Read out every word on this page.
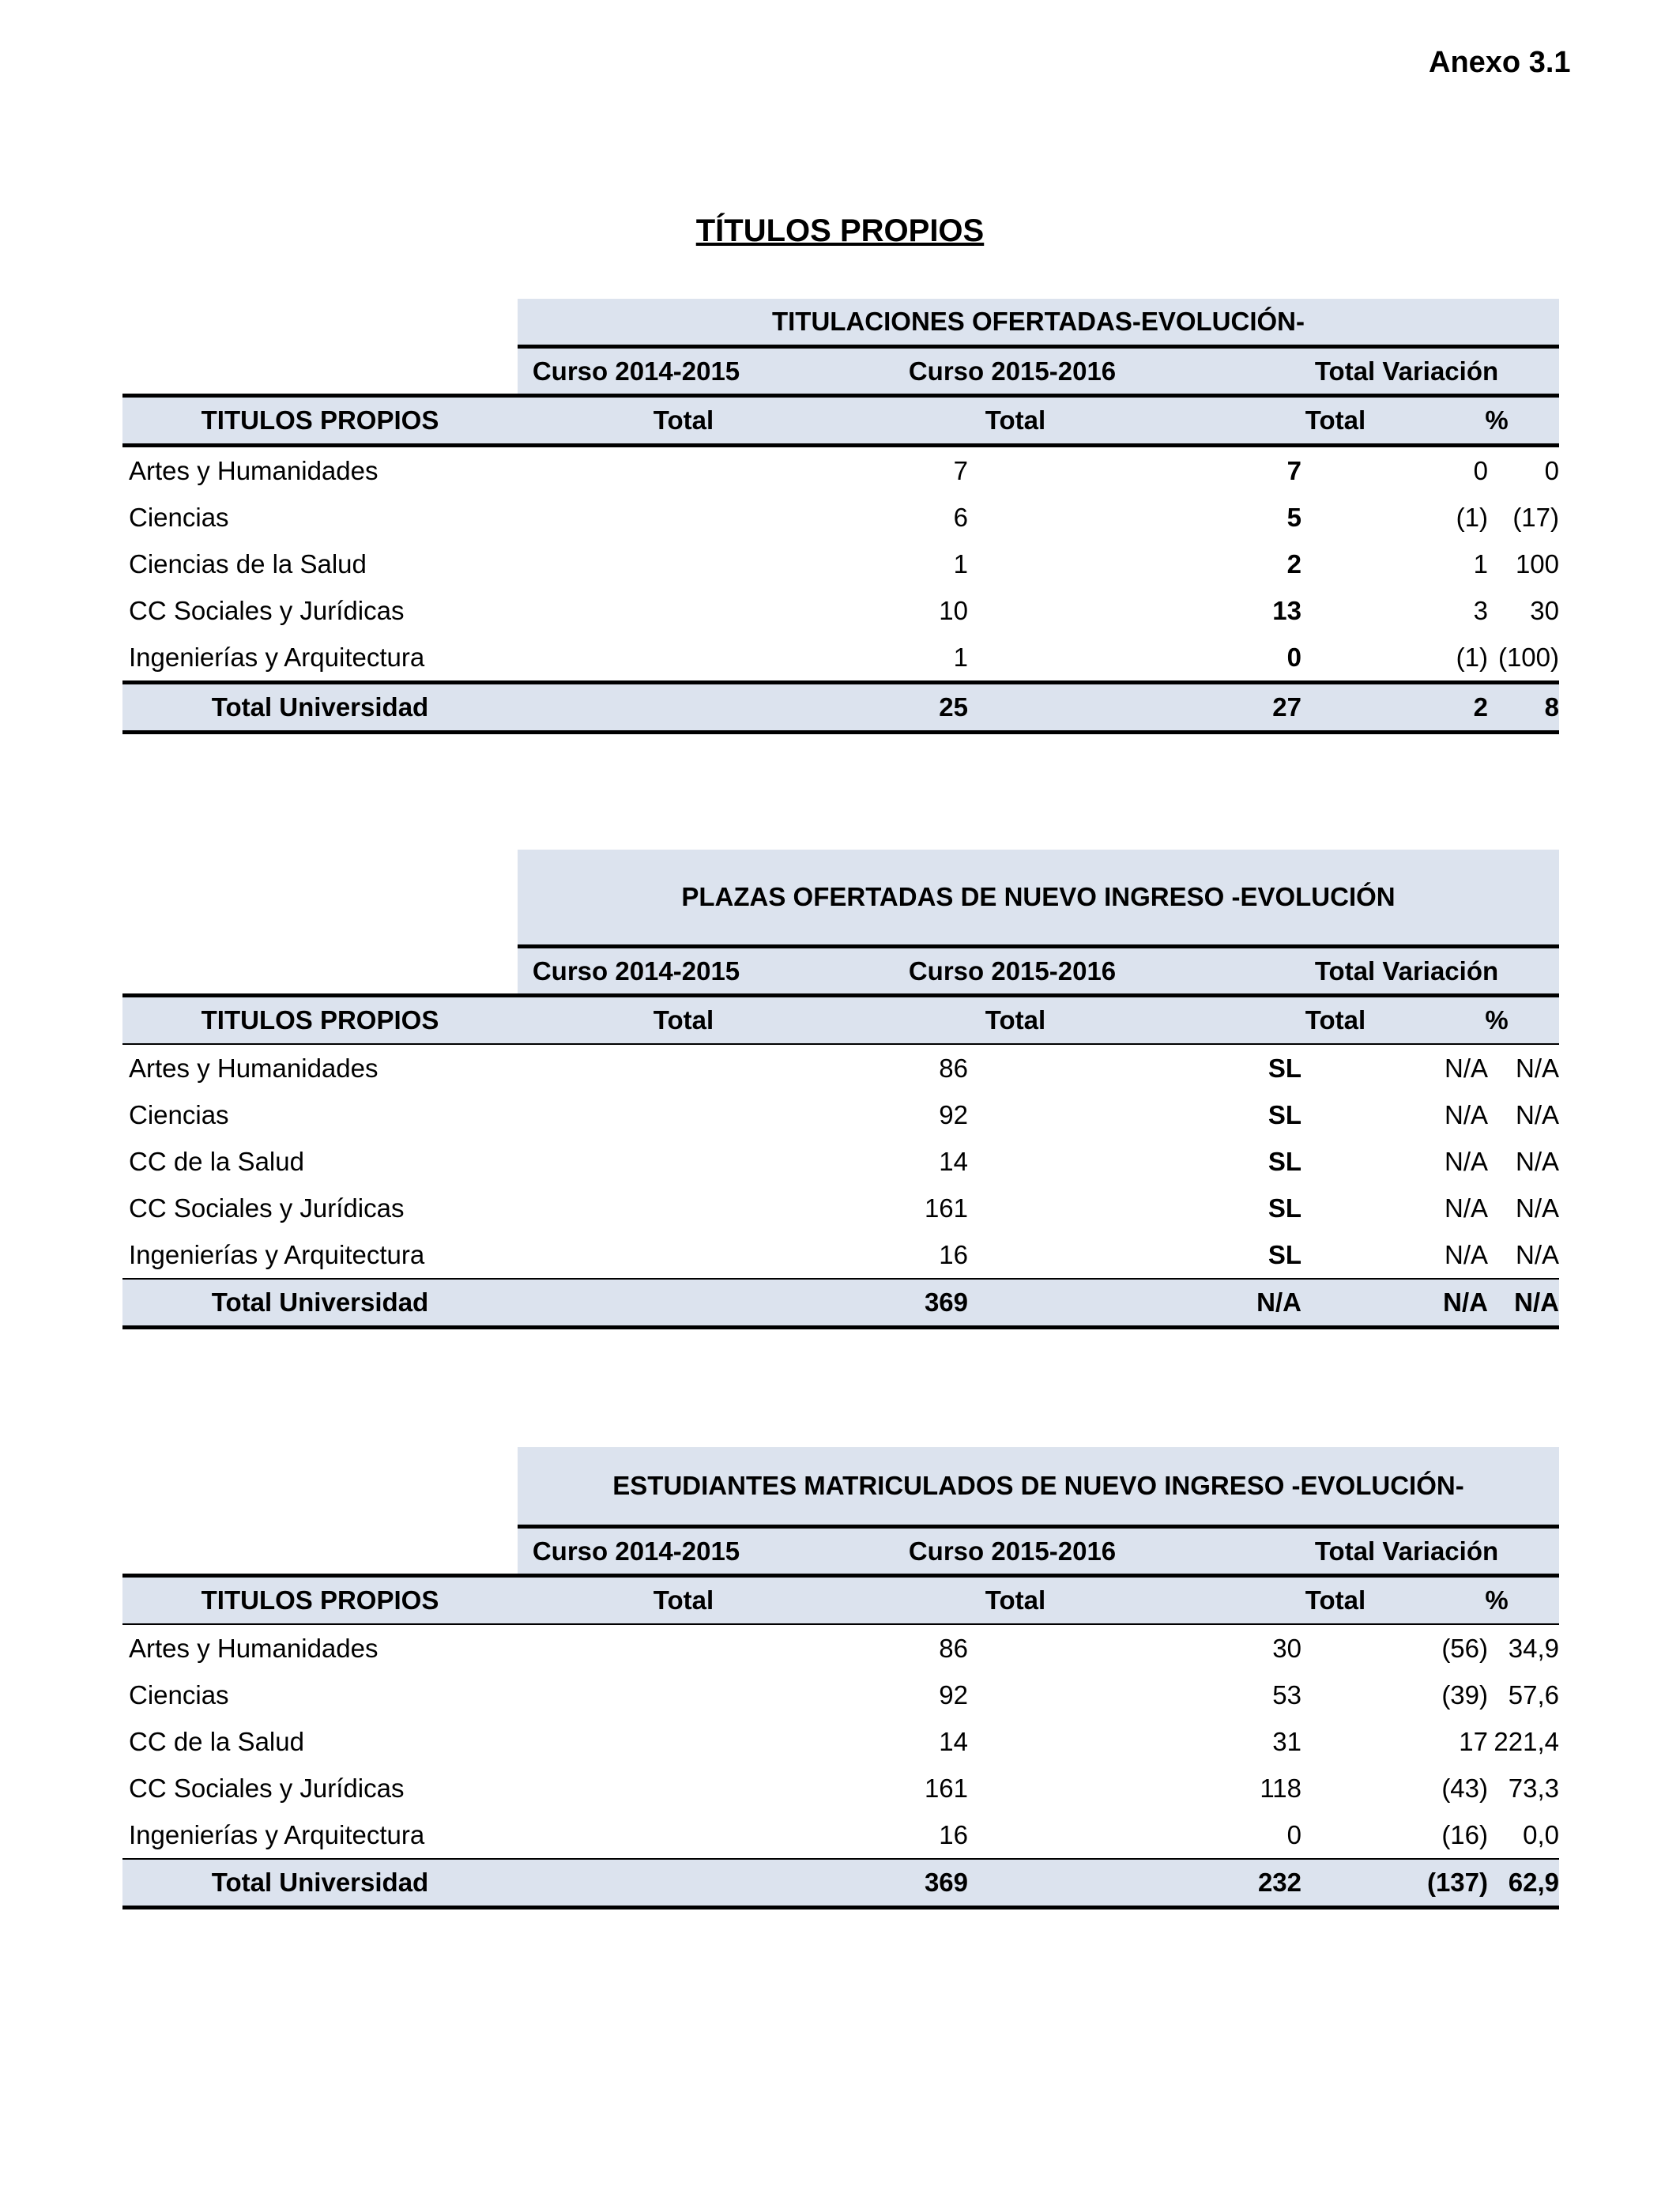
Anexo 3.1
TÍTULOS PROPIOS
TITULACIONES OFERTADAS-EVOLUCIÓN-
Curso 2014-2015	Curso 2015-2016	Total Variación
TITULOS PROPIOS	Total	Total	Total	%
Artes y Humanidades	7	7	0	0
Ciencias	6	5	(1) (17)
Ciencias de la Salud	1	2	1	100
CC Sociales y Jurídicas	10	13	3	30
Ingenierías y Arquitectura	1	0	(1) (100)
Total Universidad	25	27	2	8
PLAZAS OFERTADAS DE NUEVO INGRESO -EVOLUCIÓN
Curso 2014-2015	Curso 2015-2016	Total Variación
TITULOS PROPIOS	Total	Total	Total	%
Artes y Humanidades	86	SL	N/A	N/A
Ciencias	92	SL	N/A	N/A
CC de la Salud	14	SL	N/A	N/A
CC Sociales y Jurídicas	161	SL	N/A	N/A
Ingenierías y Arquitectura	16	SL	N/A	N/A
Total Universidad	369	N/A	N/A	N/A
ESTUDIANTES MATRICULADOS DE NUEVO INGRESO -EVOLUCIÓN-
Curso 2014-2015	Curso 2015-2016	Total Variación
TITULOS PROPIOS	Total	Total	Total	%
Artes y Humanidades	86	30	(56) 34,9
Ciencias	92	53	(39) 57,6
CC de la Salud	14	31	17 221,4
CC Sociales y Jurídicas	161	118	(43) 73,3
Ingenierías y Arquitectura	16	0	(16)	0,0
Total Universidad	369	232	(137) 62,9
